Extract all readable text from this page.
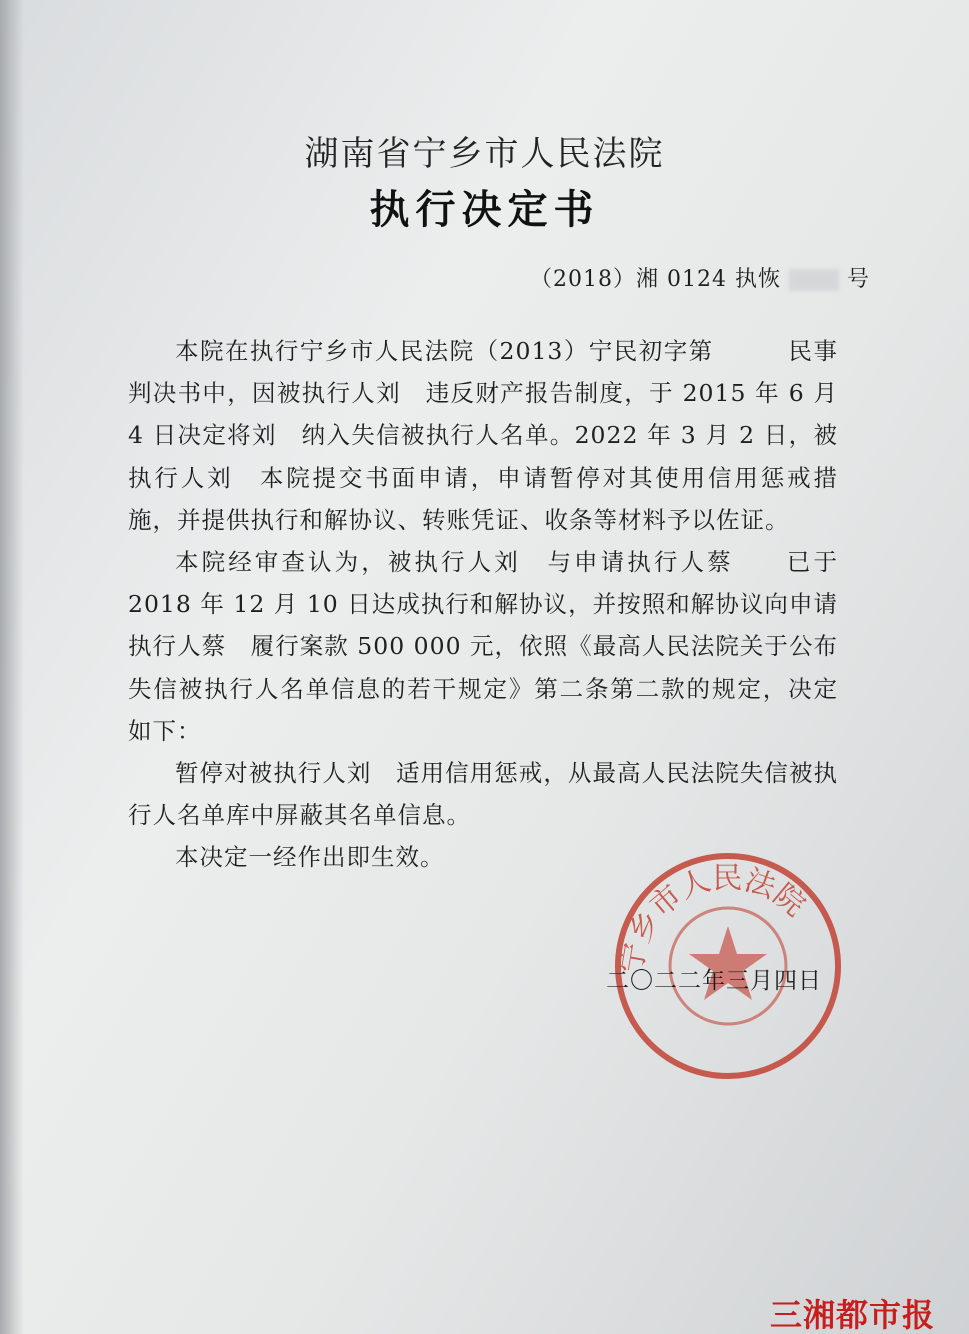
湖南省宁乡市人民法院
执行决定书
（2018）湘 0124 执恢	号

本院在执行宁乡市人民法院（2013）宁民初字第　　　民事判决书中，因被执行人刘　违反财产报告制度，于 2015 年 6 月 4 日决定将刘　纳入失信被执行人名单。2022 年 3 月 2 日，被执行人刘　本院提交书面申请，申请暂停对其使用信用惩戒措施，并提供执行和解协议、转账凭证、收条等材料予以佐证。

本院经审查认为，被执行人刘　与申请执行人蔡　　已于 2018 年 12 月 10 日达成执行和解协议，并按照和解协议向申请执行人蔡　履行案款 500 000 元，依照《最高人民法院关于公布失信被执行人名单信息的若干规定》第二条第二款的规定，决定如下：

暂停对被执行人刘　适用信用惩戒，从最高人民法院失信被执行人名单库中屏蔽其名单信息。

本决定一经作出即生效。

宁乡市人民法院
二〇二二年三月四日
三湘都市报
